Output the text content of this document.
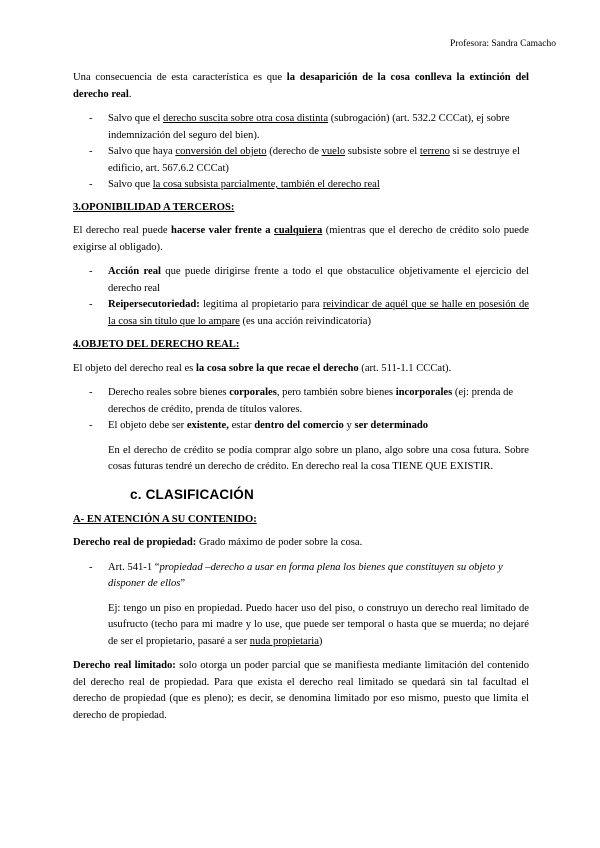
Profesora: Sandra Camacho

Una consecuencia de esta característica es que la desaparición de la cosa conlleva la extinción del derecho real.

- Salvo que el derecho suscita sobre otra cosa distinta (subrogación) (art. 532.2 CCCat), ej sobre indemnización del seguro del bien).
- Salvo que haya conversión del objeto (derecho de vuelo subsiste sobre el terreno si se destruye el edificio, art. 567.6.2 CCCat)
- Salvo que la cosa subsista parcialmente, también el derecho real
3.OPONIBILIDAD A TERCEROS:

El derecho real puede hacerse valer frente a cualquiera (mientras que el derecho de crédito solo puede exigirse al obligado).

- Acción real que puede dirigirse frente a todo el que obstaculice objetivamente el ejercicio del derecho real
- Reipersecutoriedad: legitima al propietario para reivindicar de aquél que se halle en posesión de la cosa sin título que lo ampare (es una acción reivindicatoria)
4.OBJETO DEL DERECHO REAL:

El objeto del derecho real es la cosa sobre la que recae el derecho (art. 511-1.1 CCCat).

- Derecho reales sobre bienes corporales, pero también sobre bienes incorporales (ej: prenda de derechos de crédito, prenda de títulos valores.
- El objeto debe ser existente, estar dentro del comercio y ser determinado

En el derecho de crédito se podía comprar algo sobre un plano, algo sobre una cosa futura. Sobre cosas futuras tendré un derecho de crédito. En derecho real la cosa TIENE QUE EXISTIR.

c. CLASIFICACIÓN
A- EN ATENCIÓN A SU CONTENIDO:

Derecho real de propiedad: Grado máximo de poder sobre la cosa.

- Art. 541-1 “propiedad –derecho a usar en forma plena los bienes que constituyen su objeto y disponer de ellos”

Ej: tengo un piso en propiedad. Puedo hacer uso del piso, o construyo un derecho real limitado de usufructo (techo para mi madre y lo use, que puede ser temporal o hasta que se muerda; no dejaré de ser el propietario, pasaré a ser nuda propietaria)

Derecho real limitado: solo otorga un poder parcial que se manifiesta mediante limitación del contenido del derecho real de propiedad. Para que exista el derecho real limitado se quedará sin tal facultad el derecho de propiedad (que es pleno); es decir, se denomina limitado por eso mismo, puesto que limita el derecho de propiedad.
